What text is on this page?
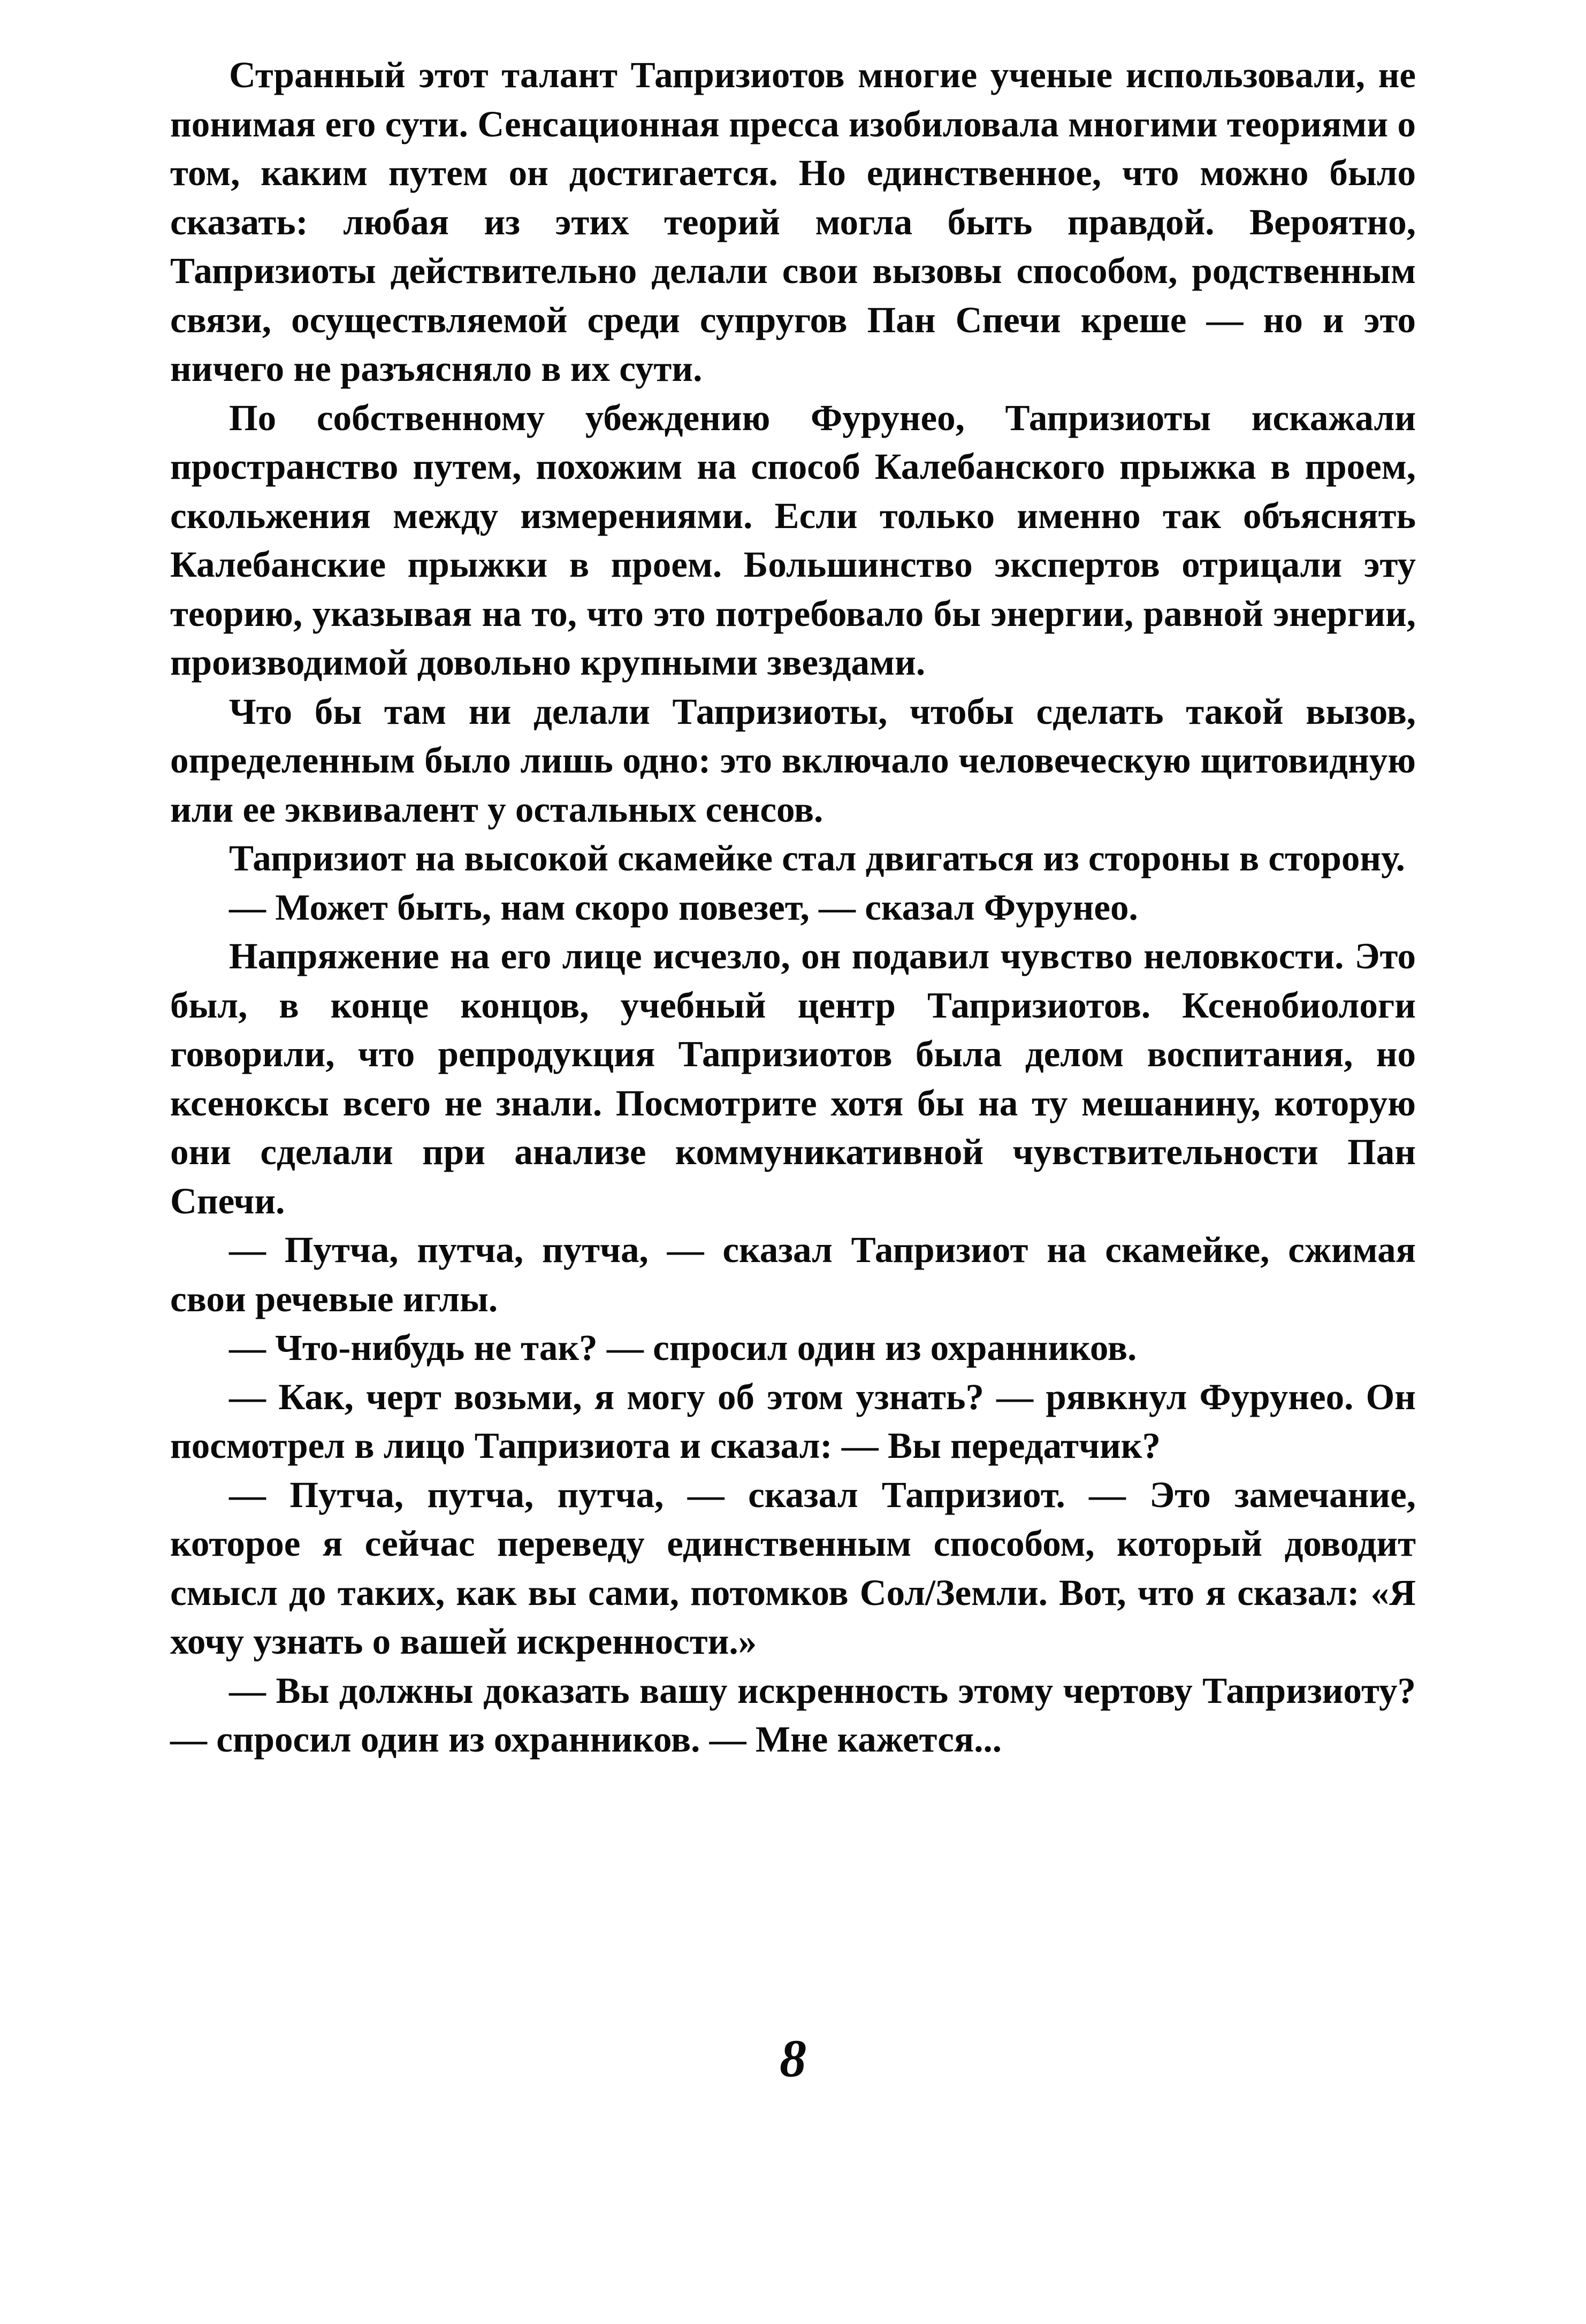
Странный этот талант Тапризиотов многие ученые использовали, не понимая его сути. Сенсационная пресса изобиловала многими теориями о том, каким путем он достигается. Но единственное, что можно было сказать: любая из этих теорий могла быть правдой. Вероятно, Тапризиоты действительно делали свои вызовы способом, родственным связи, осуществляемой среди супругов Пан Спечи креше — но и это ничего не разъясняло в их сути.

По собственному убеждению Фурунео, Тапризиоты искажали пространство путем, похожим на способ Калебанского прыжка в проем, скольжения между измерениями. Если только именно так объяснять Калебанские прыжки в проем. Большинство экспертов отрицали эту теорию, указывая на то, что это потребовало бы энергии, равной энергии, производимой довольно крупными звездами.

Что бы там ни делали Тапризиоты, чтобы сделать такой вызов, определенным было лишь одно: это включало человеческую щитовидную или ее эквивалент у остальных сенсов.

Тапризиот на высокой скамейке стал двигаться из стороны в сторону.

— Может быть, нам скоро повезет, — сказал Фурунео.

Напряжение на его лице исчезло, он подавил чувство неловкости. Это был, в конце концов, учебный центр Тапризиотов. Ксенобиологи говорили, что репродукция Тапризиотов была делом воспитания, но ксеноксы всего не знали. Посмотрите хотя бы на ту мешанину, которую они сделали при анализе коммуникативной чувствительности Пан Спечи.

— Путча, путча, путча, — сказал Тапризиот на скамейке, сжимая свои речевые иглы.

— Что-нибудь не так? — спросил один из охранников.

— Как, черт возьми, я могу об этом узнать? — рявкнул Фурунео. Он посмотрел в лицо Тапризиота и сказал: — Вы передатчик?

— Путча, путча, путча, — сказал Тапризиот. — Это замечание, которое я сейчас переведу единственным способом, который доводит смысл до таких, как вы сами, потомков Сол/Земли. Вот, что я сказал: «Я хочу узнать о вашей искренности.»

— Вы должны доказать вашу искренность этому чертову Тапризиоту? — спросил один из охранников. — Мне кажется...

8
